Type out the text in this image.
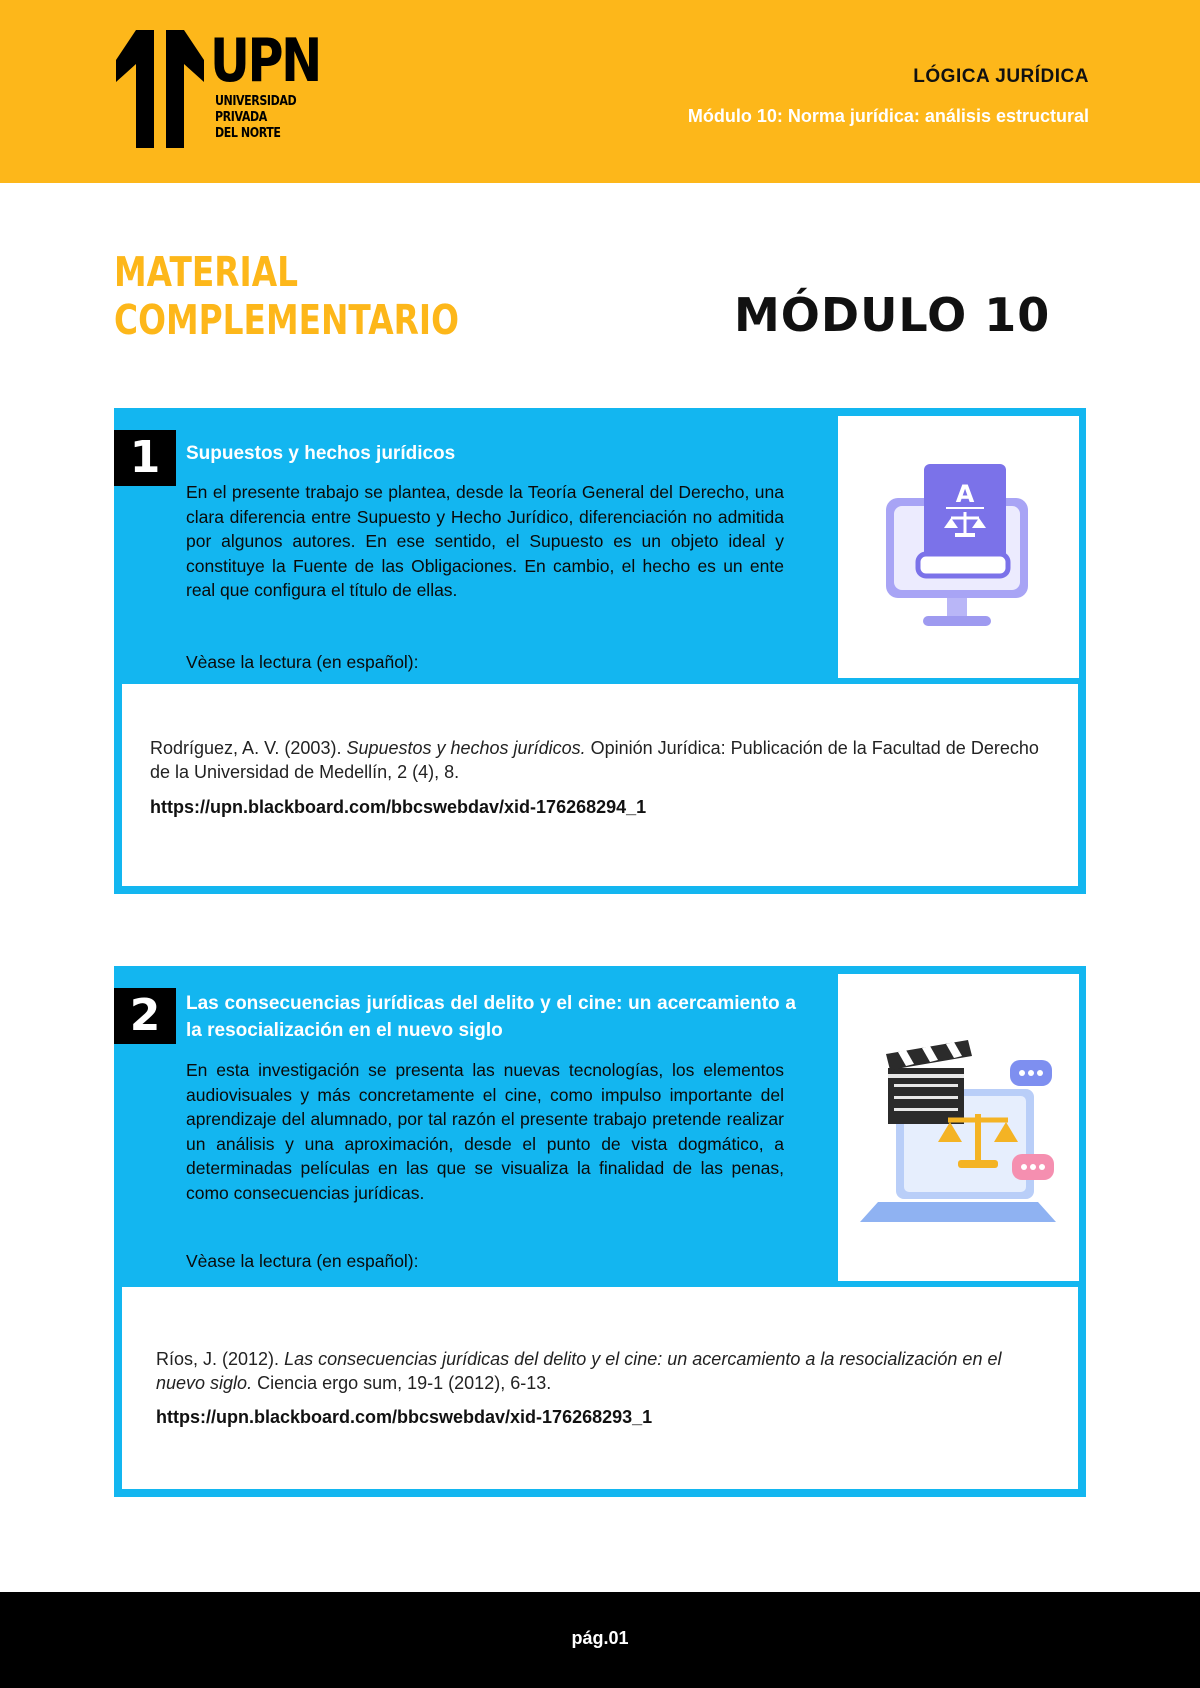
UPN
UNIVERSIDAD
PRIVADA
DEL NORTE
LÓGICA JURÍDICA
Módulo 10: Norma jurídica: análisis estructural
MATERIAL
COMPLEMENTARIO	MÓDULO 10
1	Supuestos y hechos jurídicos
En el presente trabajo se plantea, desde la Teoría General del Derecho, una clara diferencia entre Supuesto y Hecho Jurídico, diferenciación no admitida por algunos autores. En ese sentido, el Supuesto es un objeto ideal y constituye la Fuente de las Obligaciones. En cambio, el hecho es un ente real que configura el título de ellas.
Vèase la lectura (en español):
A
Rodríguez, A. V. (2003). Supuestos y hechos jurídicos. Opinión Jurídica: Publicación de la Facultad de Derecho de la Universidad de Medellín, 2 (4), 8.
https://upn.blackboard.com/bbcswebdav/xid-176268294_1
2	Las consecuencias jurídicas del delito y el cine: un acercamiento a la resocialización en el nuevo siglo
En esta investigación se presenta las nuevas tecnologías, los elementos audiovisuales y más concretamente el cine, como impulso importante del aprendizaje del alumnado, por tal razón el presente trabajo pretende realizar un análisis y una aproximación, desde el punto de vista dogmático, a determinadas películas en las que se visualiza la finalidad de las penas, como consecuencias jurídicas.
Vèase la lectura (en español):
Ríos, J. (2012). Las consecuencias jurídicas del delito y el cine: un acercamiento a la resocialización en el nuevo siglo. Ciencia ergo sum, 19-1 (2012), 6-13.
https://upn.blackboard.com/bbcswebdav/xid-176268293_1
pág.01
